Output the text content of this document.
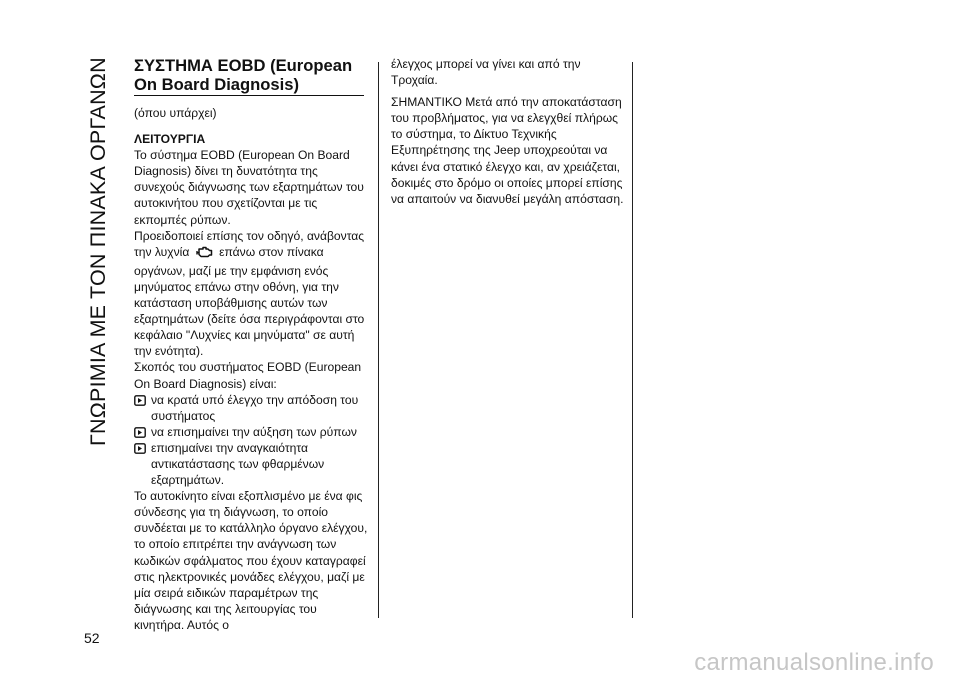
ΓΝΩΡΙΜΙΑ ΜΕ ΤΟΝ ΠΙΝΑΚΑ ΟΡΓΑΝΩΝ ΣΥΣΤΗΜΑ EOBD (European
On Board Diagnosis)

(όπου υπάρχει)

ΛΕΙΤΟΥΡΓΙΑ

Το σύστημα EOBD (European On Board Diagnosis) δίνει τη δυνατότητα της συνεχούς διάγνωσης των εξαρτημάτων του αυτοκινήτου που σχετίζονται με τις εκπομπές ρύπων.

Προειδοποιεί επίσης τον οδηγό, ανάβοντας την λυχνία επάνω στον πίνακα οργάνων, μαζί με την εμφάνιση ενός μηνύματος επάνω στην οθόνη, για την κατάσταση υποβάθμισης αυτών των εξαρτημάτων (δείτε όσα περιγράφονται στο κεφάλαιο "Λυχνίες και μηνύματα" σε αυτή την ενότητα).

Σκοπός του συστήματος EOBD (European On Board Diagnosis) είναι:

να κρατά υπό έλεγχο την απόδοση του συστήματος
να επισημαίνει την αύξηση των ρύπων
επισημαίνει την αναγκαιότητα αντικατάστασης των φθαρμένων εξαρτημάτων.

Το αυτοκίνητο είναι εξοπλισμένο με ένα φις σύνδεσης για τη διάγνωση, το οποίο συνδέεται με το κατάλληλο όργανο ελέγχου, το οποίο επιτρέπει την ανάγνωση των κωδικών σφάλματος που έχουν καταγραφεί στις ηλεκτρονικές μονάδες ελέγχου, μαζί με μία σειρά ειδικών παραμέτρων της διάγνωσης και της λειτουργίας του κινητήρα. Αυτός ο

έλεγχος μπορεί να γίνει και από την Τροχαία.

ΣΗΜΑΝΤΙΚΟ Μετά από την αποκατάσταση του προβλήματος, για να ελεγχθεί πλήρως το σύστημα, το Δίκτυο Τεχνικής Εξυπηρέτησης της Jeep υποχρεούται να κάνει ένα στατικό έλεγχο και, αν χρειάζεται, δοκιμές στο δρόμο οι οποίες μπορεί επίσης να απαιτούν να διανυθεί μεγάλη απόσταση.

52
carmanualsonline.info
